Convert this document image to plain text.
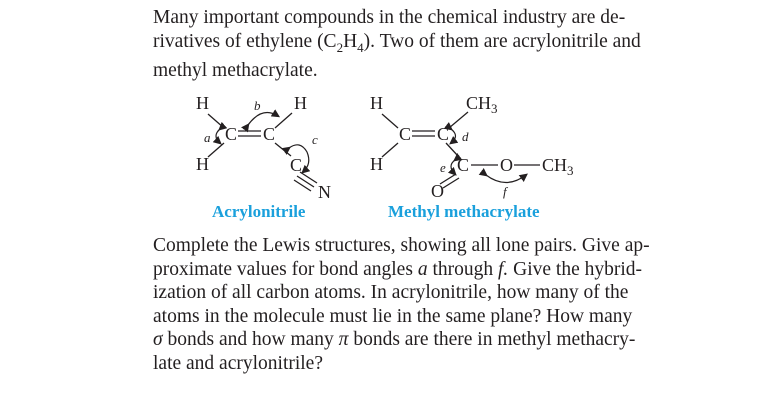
Many important compounds in the chemical industry are de-
rivatives of ethylene $(C_2H_4)$. Two of them are acrylonitrile and
methyl methacrylate.
H	H
H
C C
C
N
a
b
c
Acrylonitrile
H
H
C C
$CH_3$
C O $CH_3$
O
d
e
f
Methyl methacrylate
Complete the Lewis structures, showing all lone pairs. Give ap-
proximate values for bond angles a through f. Give the hybrid-
ization of all carbon atoms. In acrylonitrile, how many of the
atoms in the molecule must lie in the same plane? How many
σ bonds and how many π bonds are there in methyl methacry-
late and acrylonitrile?
